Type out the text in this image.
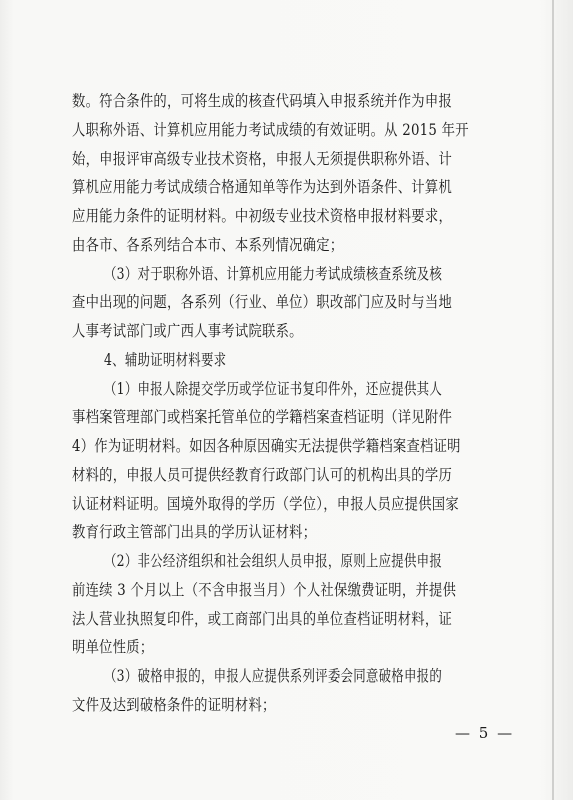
数。符合条件的，可将生成的核查代码填入申报系统并作为申报
人职称外语、计算机应用能力考试成绩的有效证明。从 2015 年开
始，申报评审高级专业技术资格，申报人无须提供职称外语、计
算机应用能力考试成绩合格通知单等作为达到外语条件、计算机
应用能力条件的证明材料。中初级专业技术资格申报材料要求，
由各市、各系列结合本市、本系列情况确定；
（3）对于职称外语、计算机应用能力考试成绩核查系统及核
查中出现的问题，各系列（行业、单位）职改部门应及时与当地
人事考试部门或广西人事考试院联系。
4、辅助证明材料要求
（1）申报人除提交学历或学位证书复印件外，还应提供其人
事档案管理部门或档案托管单位的学籍档案查档证明（详见附件
4）作为证明材料。如因各种原因确实无法提供学籍档案查档证明
材料的，申报人员可提供经教育行政部门认可的机构出具的学历
认证材料证明。国境外取得的学历（学位），申报人员应提供国家
教育行政主管部门出具的学历认证材料；
（2）非公经济组织和社会组织人员申报，原则上应提供申报
前连续 3 个月以上（不含申报当月）个人社保缴费证明，并提供
法人营业执照复印件，或工商部门出具的单位查档证明材料，证
明单位性质；
（3）破格申报的，申报人应提供系列评委会同意破格申报的
文件及达到破格条件的证明材料；
— 5 —
